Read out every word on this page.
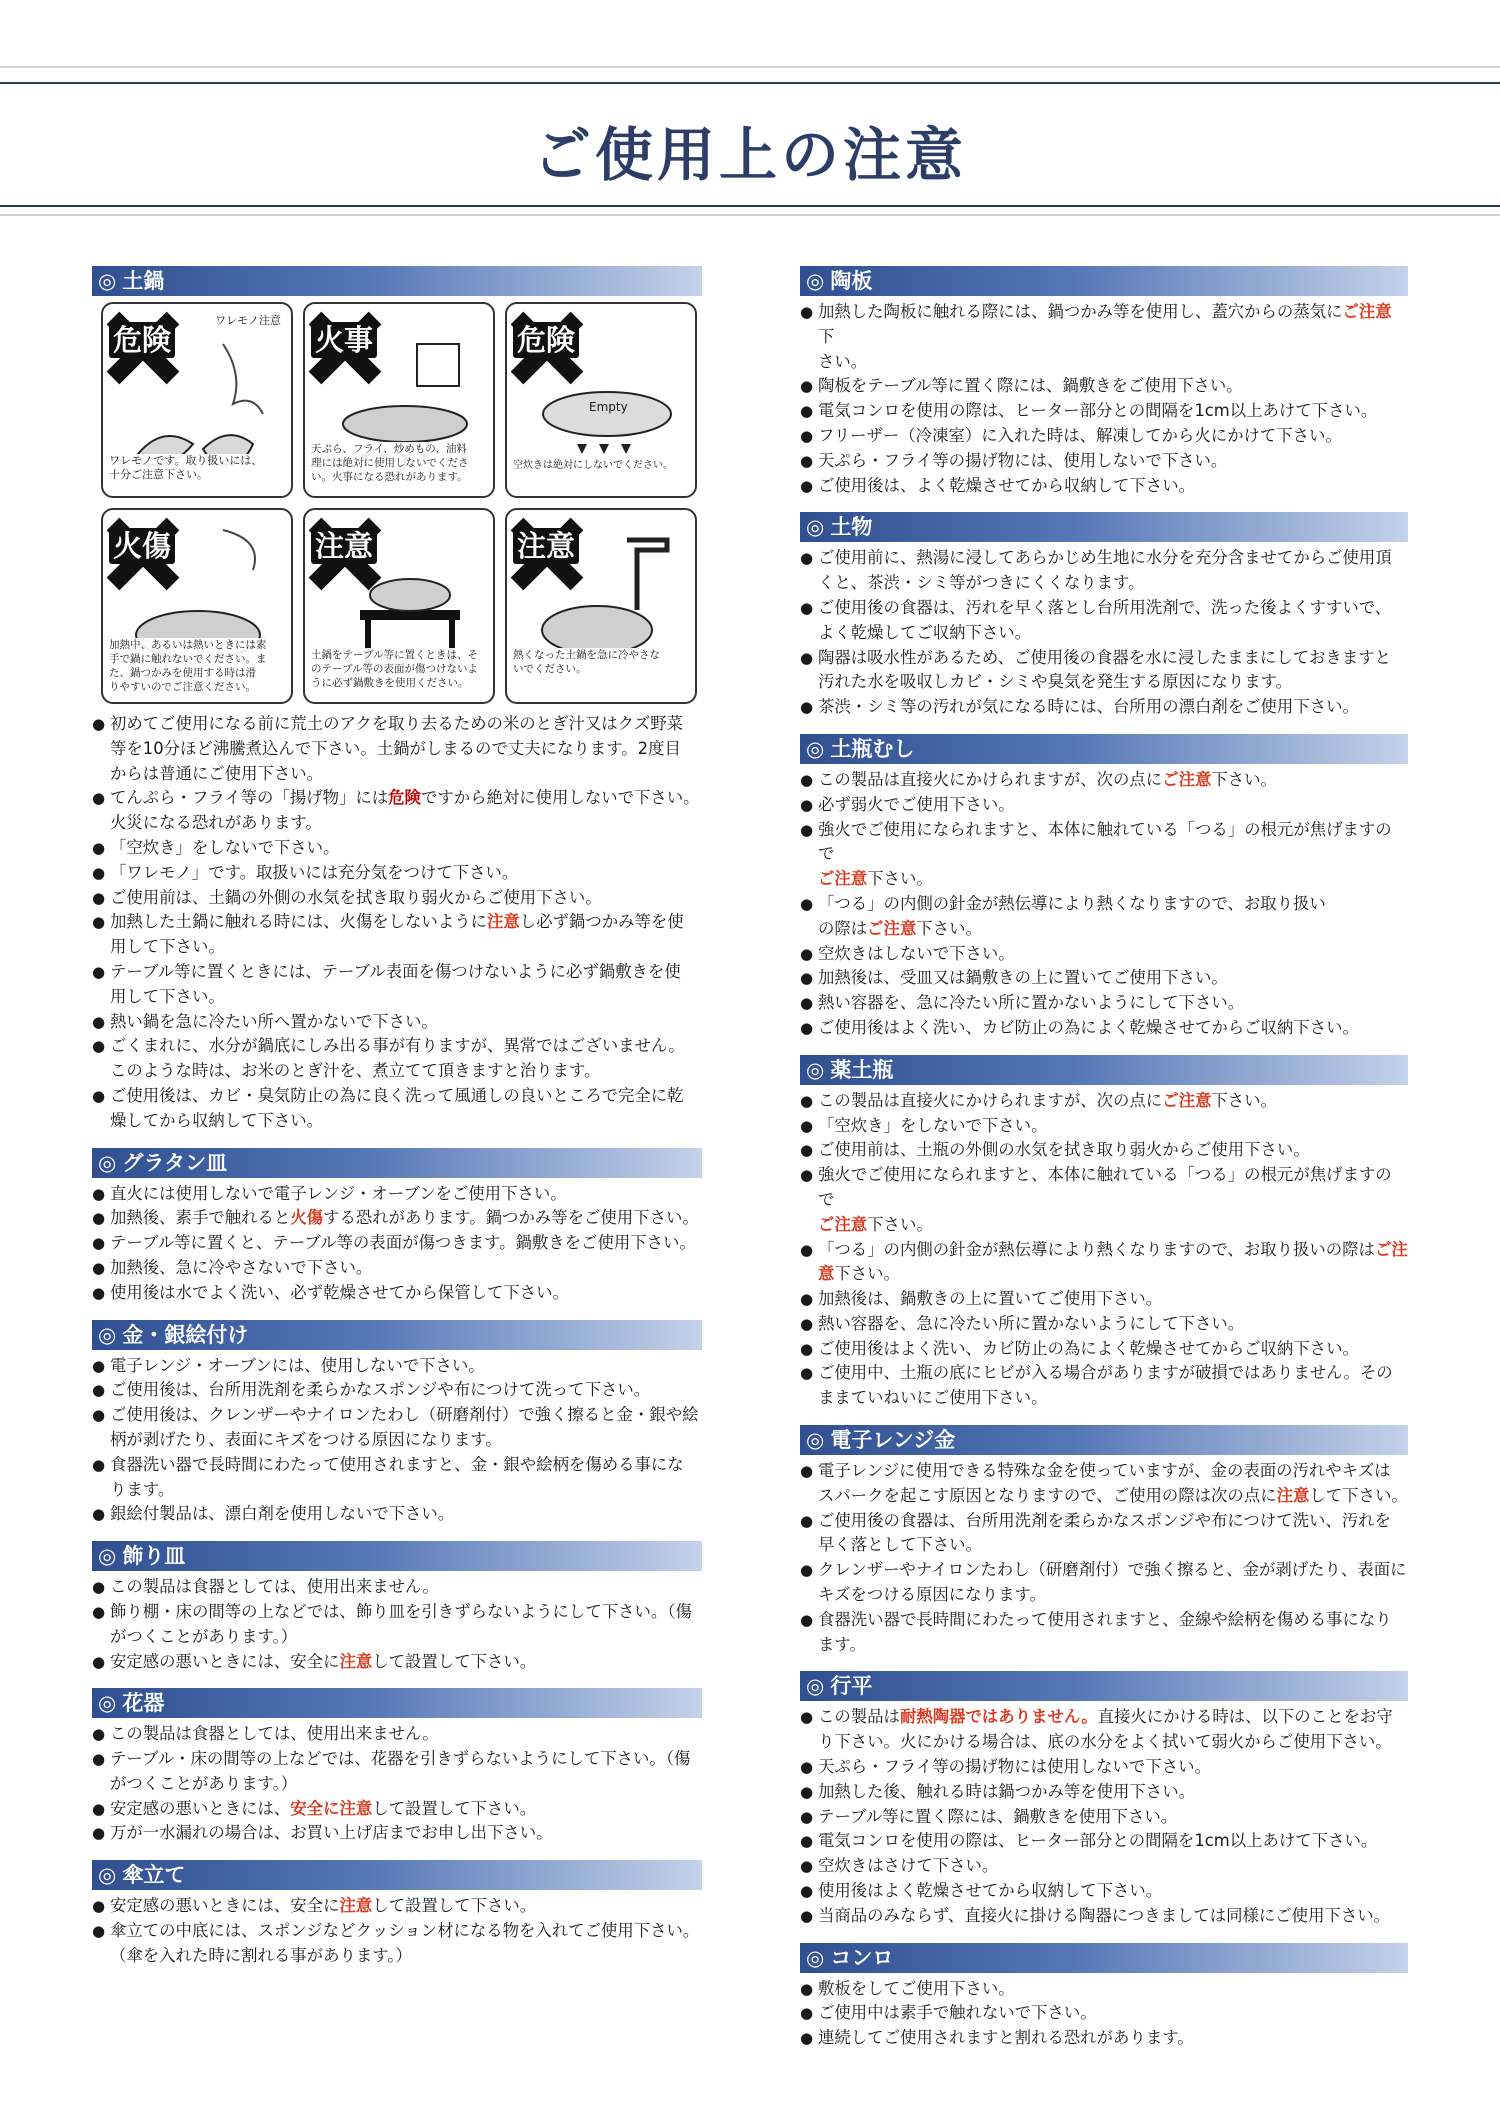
ご使用上の注意
◎ 土鍋
危険
ワレモノ注意
ワレモノです。取り扱いには、
十分ご注意下さい。
火事
天ぷら、フライ、炒めもの、油料
理には絶対に使用しないでくださ
い。火事になる恐れがあります。
危険
Empty
空炊きは絶対にしないでください。
火傷
加熱中、あるいは熱いときには素
手で鍋に触れないでください。ま
た、鍋つかみを使用する時は滑
りやすいのでご注意ください。
注意
土鍋をテーブル等に置くときは、そ
のテーブル等の表面が傷つけないよ
うに必ず鍋敷きを使用ください。
注意
熱くなった土鍋を急に冷やさな
いでください。
● 初めてご使用になる前に荒土のアクを取り去るための米のとぎ汁又はクズ野菜
等を10分ほど沸騰煮込んで下さい。土鍋がしまるので丈夫になります。2度目
からは普通にご使用下さい。
● てんぷら・フライ等の「揚げ物」には危険ですから絶対に使用しないで下さい。
火災になる恐れがあります。
● 「空炊き」をしないで下さい。
● 「ワレモノ」です。取扱いには充分気をつけて下さい。
● ご使用前は、土鍋の外側の水気を拭き取り弱火からご使用下さい。
● 加熱した土鍋に触れる時には、火傷をしないように注意し必ず鍋つかみ等を使
用して下さい。
● テーブル等に置くときには、テーブル表面を傷つけないように必ず鍋敷きを使
用して下さい。
● 熱い鍋を急に冷たい所へ置かないで下さい。
● ごくまれに、水分が鍋底にしみ出る事が有りますが、異常ではございません。
このような時は、お米のとぎ汁を、煮立てて頂きますと治ります。
● ご使用後は、カビ・臭気防止の為に良く洗って風通しの良いところで完全に乾
燥してから収納して下さい。
◎ グラタン皿
● 直火には使用しないで電子レンジ・オーブンをご使用下さい。
● 加熱後、素手で触れると火傷する恐れがあります。鍋つかみ等をご使用下さい。
● テーブル等に置くと、テーブル等の表面が傷つきます。鍋敷きをご使用下さい。
● 加熱後、急に冷やさないで下さい。
● 使用後は水でよく洗い、必ず乾燥させてから保管して下さい。
◎ 金・銀絵付け
● 電子レンジ・オーブンには、使用しないで下さい。
● ご使用後は、台所用洗剤を柔らかなスポンジや布につけて洗って下さい。
● ご使用後は、クレンザーやナイロンたわし（研磨剤付）で強く擦ると金・銀や絵
柄が剥げたり、表面にキズをつける原因になります。
● 食器洗い器で長時間にわたって使用されますと、金・銀や絵柄を傷める事にな
ります。
● 銀絵付製品は、漂白剤を使用しないで下さい。
◎ 飾り皿
● この製品は食器としては、使用出来ません。
● 飾り棚・床の間等の上などでは、飾り皿を引きずらないようにして下さい。（傷
がつくことがあります。）
● 安定感の悪いときには、安全に注意して設置して下さい。
◎ 花器
● この製品は食器としては、使用出来ません。
● テーブル・床の間等の上などでは、花器を引きずらないようにして下さい。（傷
がつくことがあります。）
● 安定感の悪いときには、安全に注意して設置して下さい。
● 万が一水漏れの場合は、お買い上げ店までお申し出下さい。
◎ 傘立て
● 安定感の悪いときには、安全に注意して設置して下さい。
● 傘立ての中底には、スポンジなどクッション材になる物を入れてご使用下さい。
（傘を入れた時に割れる事があります。）
◎ 陶板
● 加熱した陶板に触れる際には、鍋つかみ等を使用し、蓋穴からの蒸気にご注意下
さい。
● 陶板をテーブル等に置く際には、鍋敷きをご使用下さい。
● 電気コンロを使用の際は、ヒーター部分との間隔を1cm以上あけて下さい。
● フリーザー（冷凍室）に入れた時は、解凍してから火にかけて下さい。
● 天ぷら・フライ等の揚げ物には、使用しないで下さい。
● ご使用後は、よく乾燥させてから収納して下さい。
◎ 土物
● ご使用前に、熱湯に浸してあらかじめ生地に水分を充分含ませてからご使用頂
くと、茶渋・シミ等がつきにくくなります。
● ご使用後の食器は、汚れを早く落とし台所用洗剤で、洗った後よくすすいで、
よく乾燥してご収納下さい。
● 陶器は吸水性があるため、ご使用後の食器を水に浸したままにしておきますと
汚れた水を吸収しカビ・シミや臭気を発生する原因になります。
● 茶渋・シミ等の汚れが気になる時には、台所用の漂白剤をご使用下さい。
◎ 土瓶むし
● この製品は直接火にかけられますが、次の点にご注意下さい。
● 必ず弱火でご使用下さい。
● 強火でご使用になられますと、本体に触れている「つる」の根元が焦げますので
ご注意下さい。
● 「つる」の内側の針金が熱伝導により熱くなりますので、お取り扱い
の際はご注意下さい。
● 空炊きはしないで下さい。
● 加熱後は、受皿又は鍋敷きの上に置いてご使用下さい。
● 熱い容器を、急に冷たい所に置かないようにして下さい。
● ご使用後はよく洗い、カビ防止の為によく乾燥させてからご収納下さい。
◎ 薬土瓶
● この製品は直接火にかけられますが、次の点にご注意下さい。
● 「空炊き」をしないで下さい。
● ご使用前は、土瓶の外側の水気を拭き取り弱火からご使用下さい。
● 強火でご使用になられますと、本体に触れている「つる」の根元が焦げますので
ご注意下さい。
● 「つる」の内側の針金が熱伝導により熱くなりますので、お取り扱いの際はご注
意下さい。
● 加熱後は、鍋敷きの上に置いてご使用下さい。
● 熱い容器を、急に冷たい所に置かないようにして下さい。
● ご使用後はよく洗い、カビ防止の為によく乾燥させてからご収納下さい。
● ご使用中、土瓶の底にヒビが入る場合がありますが破損ではありません。その
ままていねいにご使用下さい。
◎ 電子レンジ金
● 電子レンジに使用できる特殊な金を使っていますが、金の表面の汚れやキズは
スパークを起こす原因となりますので、ご使用の際は次の点に注意して下さい。
● ご使用後の食器は、台所用洗剤を柔らかなスポンジや布につけて洗い、汚れを
早く落として下さい。
● クレンザーやナイロンたわし（研磨剤付）で強く擦ると、金が剥げたり、表面に
キズをつける原因になります。
● 食器洗い器で長時間にわたって使用されますと、金線や絵柄を傷める事になり
ます。
◎ 行平
● この製品は耐熱陶器ではありません。直接火にかける時は、以下のことをお守
り下さい。火にかける場合は、底の水分をよく拭いて弱火からご使用下さい。
● 天ぷら・フライ等の揚げ物には使用しないで下さい。
● 加熱した後、触れる時は鍋つかみ等を使用下さい。
● テーブル等に置く際には、鍋敷きを使用下さい。
● 電気コンロを使用の際は、ヒーター部分との間隔を1cm以上あけて下さい。
● 空炊きはさけて下さい。
● 使用後はよく乾燥させてから収納して下さい。
● 当商品のみならず、直接火に掛ける陶器につきましては同様にご使用下さい。
◎ コンロ
● 敷板をしてご使用下さい。
● ご使用中は素手で触れないで下さい。
● 連続してご使用されますと割れる恐れがあります。
